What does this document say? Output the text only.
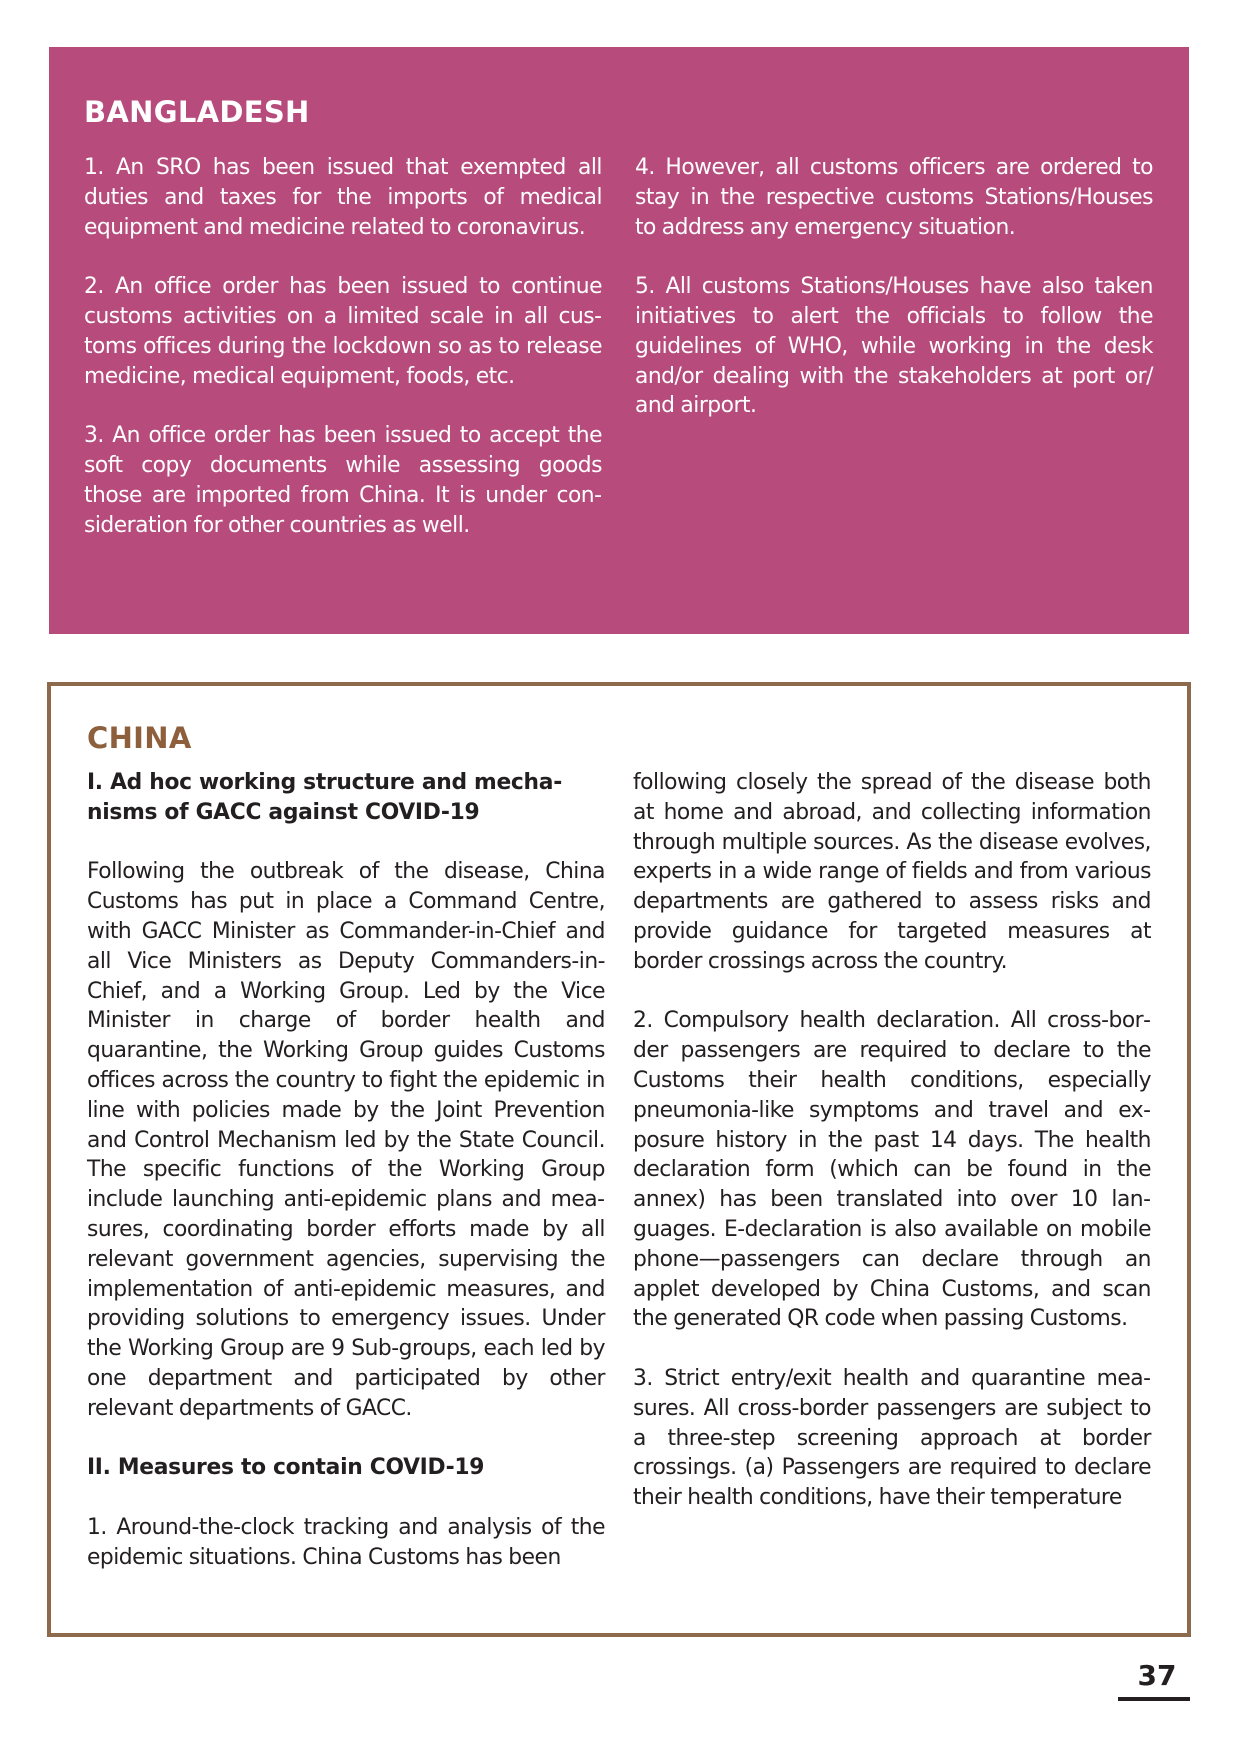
BANGLADESH

1. An SRO has been issued that exempted all duties and taxes for the imports of medical equipment and medicine related to coronavirus.

2. An office order has been issued to continue customs activities on a limited scale in all customs offices during the lockdown so as to release medicine, medical equipment, foods, etc.

3. An office order has been issued to accept the soft copy documents while assessing goods those are imported from China. It is under consideration for other countries as well.

4. However, all customs officers are ordered to stay in the respective customs Stations/Houses to address any emergency situation.

5. All customs Stations/Houses have also taken initiatives to alert the officials to follow the guidelines of WHO, while working in the desk and/or dealing with the stakeholders at port or/ and airport.

CHINA

I. Ad hoc working structure and mechanisms of GACC against COVID-19

Following the outbreak of the disease, China Customs has put in place a Command Centre, with GACC Minister as Commander-in-Chief and all Vice Ministers as Deputy Commanders-in-Chief, and a Working Group. Led by the Vice Minister in charge of border health and quarantine, the Working Group guides Customs offices across the country to fight the epidemic in line with policies made by the Joint Prevention and Control Mechanism led by the State Council. The specific functions of the Working Group include launching anti-epidemic plans and measures, coordinating border efforts made by all relevant government agencies, supervising the implementation of anti-epidemic measures, and providing solutions to emergency issues. Under the Working Group are 9 Sub-groups, each led by one department and participated by other relevant departments of GACC.

II. Measures to contain COVID-19

1. Around-the-clock tracking and analysis of the epidemic situations. China Customs has been

following closely the spread of the disease both at home and abroad, and collecting information through multiple sources. As the disease evolves, experts in a wide range of fields and from various departments are gathered to assess risks and provide guidance for targeted measures at border crossings across the country.

2. Compulsory health declaration. All cross-border passengers are required to declare to the Customs their health conditions, especially pneumonia-like symptoms and travel and exposure history in the past 14 days. The health declaration form (which can be found in the annex) has been translated into over 10 languages. E-declaration is also available on mobile phone—passengers can declare through an applet developed by China Customs, and scan the generated QR code when passing Customs.

3. Strict entry/exit health and quarantine measures. All cross-border passengers are subject to a three-step screening approach at border crossings. (a) Passengers are required to declare their health conditions, have their temperature

37
